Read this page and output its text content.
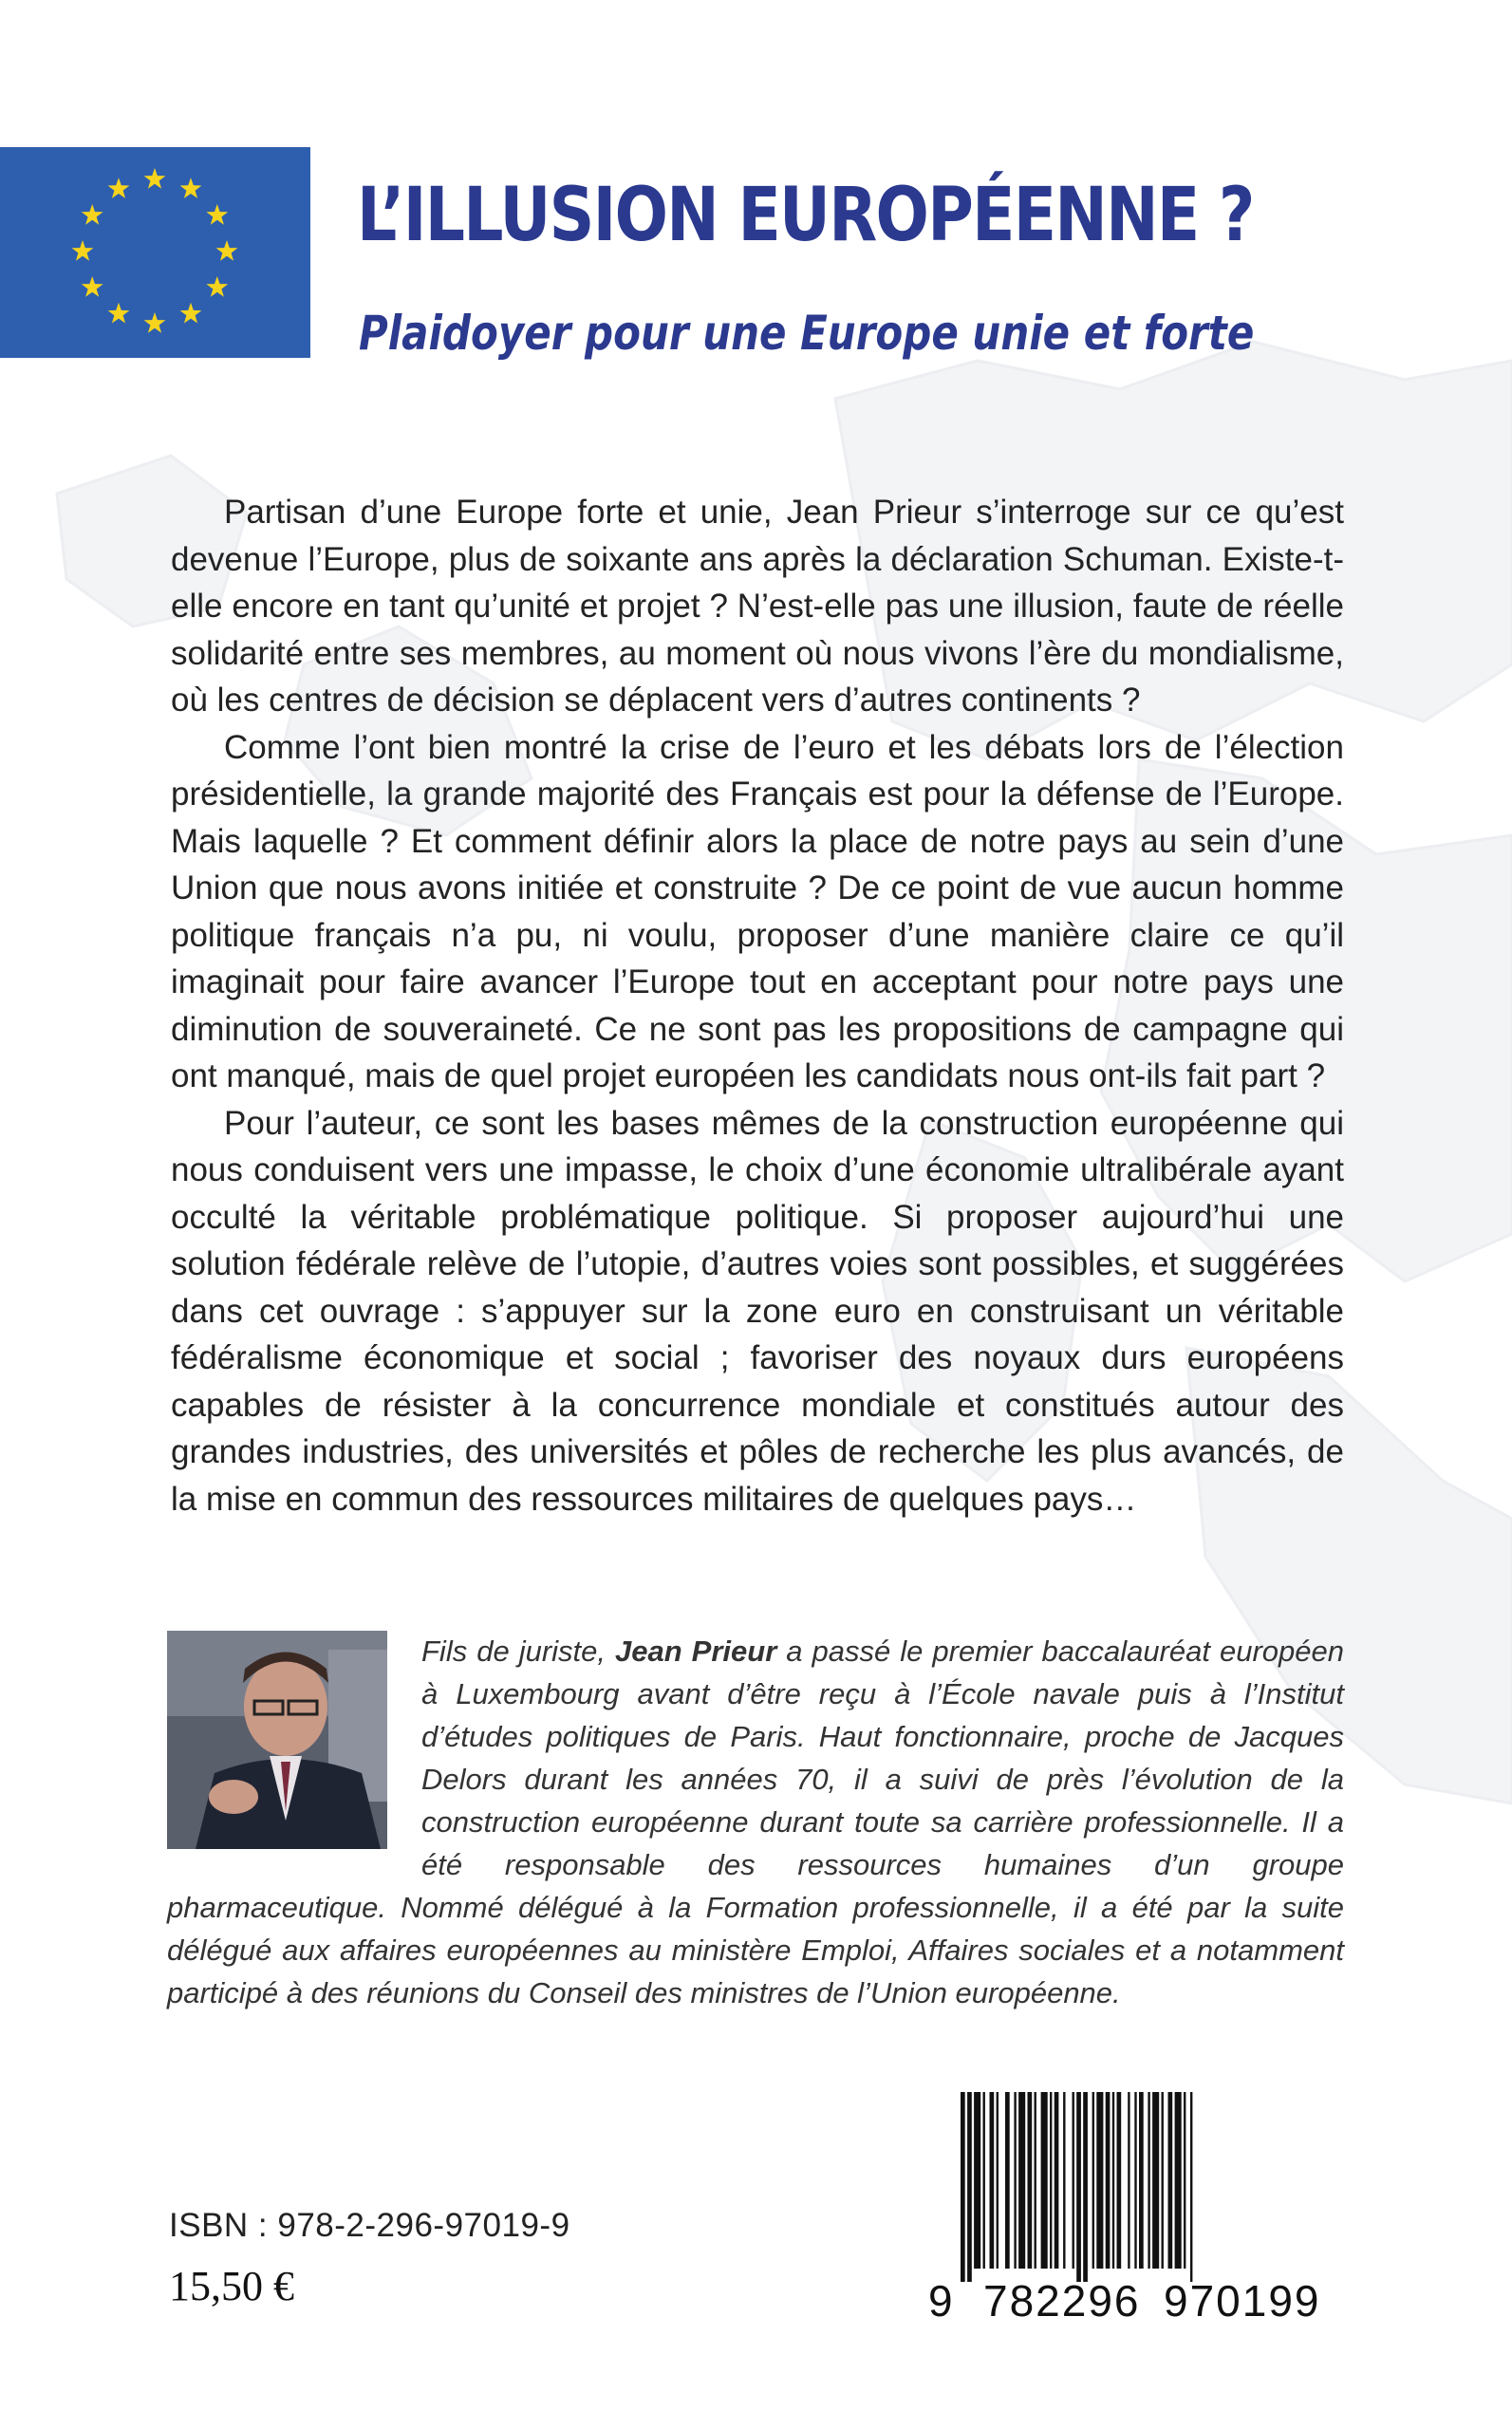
L’ILLUSION EUROPÉENNE ?
Plaidoyer pour une Europe unie et forte

Partisan d’une Europe forte et unie, Jean Prieur s’interroge sur ce qu’est devenue l’Europe, plus de soixante ans après la déclaration Schuman. Existe-t-elle encore en tant qu’unité et projet ? N’est-elle pas une illusion, faute de réelle solidarité entre ses membres, au moment où nous vivons l’ère du mondialisme, où les centres de décision se déplacent vers d’autres continents ?

Comme l’ont bien montré la crise de l’euro et les débats lors de l’élection présidentielle, la grande majorité des Français est pour la défense de l’Europe. Mais laquelle ? Et comment définir alors la place de notre pays au sein d’une Union que nous avons initiée et construite ? De ce point de vue aucun homme politique français n’a pu, ni voulu, proposer d’une manière claire ce qu’il imaginait pour faire avancer l’Europe tout en acceptant pour notre pays une diminution de souveraineté. Ce ne sont pas les propositions de campagne qui ont manqué, mais de quel projet européen les candidats nous ont-ils fait part ?

Pour l’auteur, ce sont les bases mêmes de la construction européenne qui nous conduisent vers une impasse, le choix d’une économie ultralibérale ayant occulté la véritable problématique politique. Si proposer aujourd’hui une solution fédérale relève de l’utopie, d’autres voies sont possibles, et suggérées dans cet ouvrage : s’appuyer sur la zone euro en construisant un véritable fédéralisme économique et social ; favoriser des noyaux durs européens capables de résister à la concurrence mondiale et constitués autour des grandes industries, des universités et pôles de recherche les plus avancés, de la mise en commun des ressources militaires de quelques pays…

Fils de juriste, Jean Prieur a passé le premier baccalauréat européen à Luxembourg avant d’être reçu à l’École navale puis à l’Institut d’études politiques de Paris. Haut fonctionnaire, proche de Jacques Delors durant les années 70, il a suivi de près l’évolution de la construction européenne durant toute sa carrière professionnelle. Il a été responsable des ressources humaines d’un groupe pharmaceutique. Nommé délégué à la Formation professionnelle, il a été par la suite délégué aux affaires européennes au ministère Emploi, Affaires sociales et a notamment participé à des réunions du Conseil des ministres de l’Union européenne.
ISBN : 978-2-296-97019-9
15,50 €	9 782296 970199
